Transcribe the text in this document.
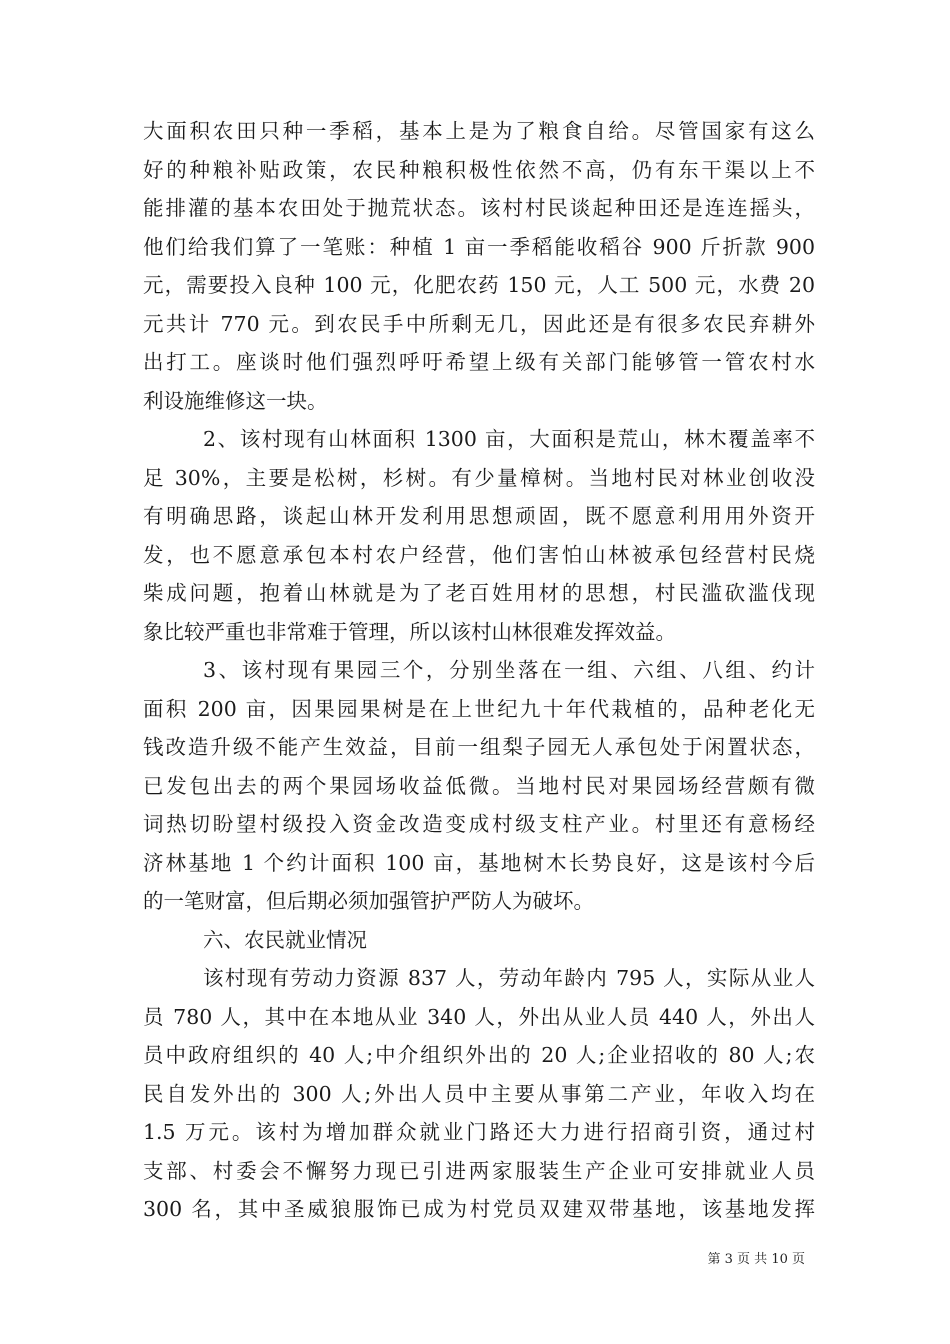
大面积农田只种一季稻，基本上是为了粮食自给。尽管国家有这么
好的种粮补贴政策，农民种粮积极性依然不高，仍有东干渠以上不
能排灌的基本农田处于抛荒状态。该村村民谈起种田还是连连摇头，
他们给我们算了一笔账：种植 1 亩一季稻能收稻谷 900 斤折款 900
元，需要投入良种 100 元，化肥农药 150 元，人工 500 元，水费 20
元共计 770 元。到农民手中所剩无几，因此还是有很多农民弃耕外
出打工。座谈时他们强烈呼吁希望上级有关部门能够管一管农村水
利设施维修这一块。
2、该村现有山林面积 1300 亩，大面积是荒山，林木覆盖率不
足 30%，主要是松树，杉树。有少量樟树。当地村民对林业创收没
有明确思路，谈起山林开发利用思想顽固，既不愿意利用用外资开
发，也不愿意承包本村农户经营，他们害怕山林被承包经营村民烧
柴成问题，抱着山林就是为了老百姓用材的思想，村民滥砍滥伐现
象比较严重也非常难于管理，所以该村山林很难发挥效益。
3、该村现有果园三个，分别坐落在一组、六组、八组、约计
面积 200 亩，因果园果树是在上世纪九十年代栽植的，品种老化无
钱改造升级不能产生效益，目前一组梨子园无人承包处于闲置状态，
已发包出去的两个果园场收益低微。当地村民对果园场经营颇有微
词热切盼望村级投入资金改造变成村级支柱产业。村里还有意杨经
济林基地 1 个约计面积 100 亩，基地树木长势良好，这是该村今后
的一笔财富，但后期必须加强管护严防人为破坏。
六、农民就业情况
该村现有劳动力资源 837 人，劳动年龄内 795 人，实际从业人
员 780 人，其中在本地从业 340 人，外出从业人员 440 人，外出人
员中政府组织的 40 人;中介组织外出的 20 人;企业招收的 80 人;农
民自发外出的 300 人;外出人员中主要从事第二产业，年收入均在
1.5 万元。该村为增加群众就业门路还大力进行招商引资，通过村
支部、村委会不懈努力现已引进两家服装生产企业可安排就业人员
300 名，其中圣威狼服饰已成为村党员双建双带基地，该基地发挥
第 3 页 共 10 页
